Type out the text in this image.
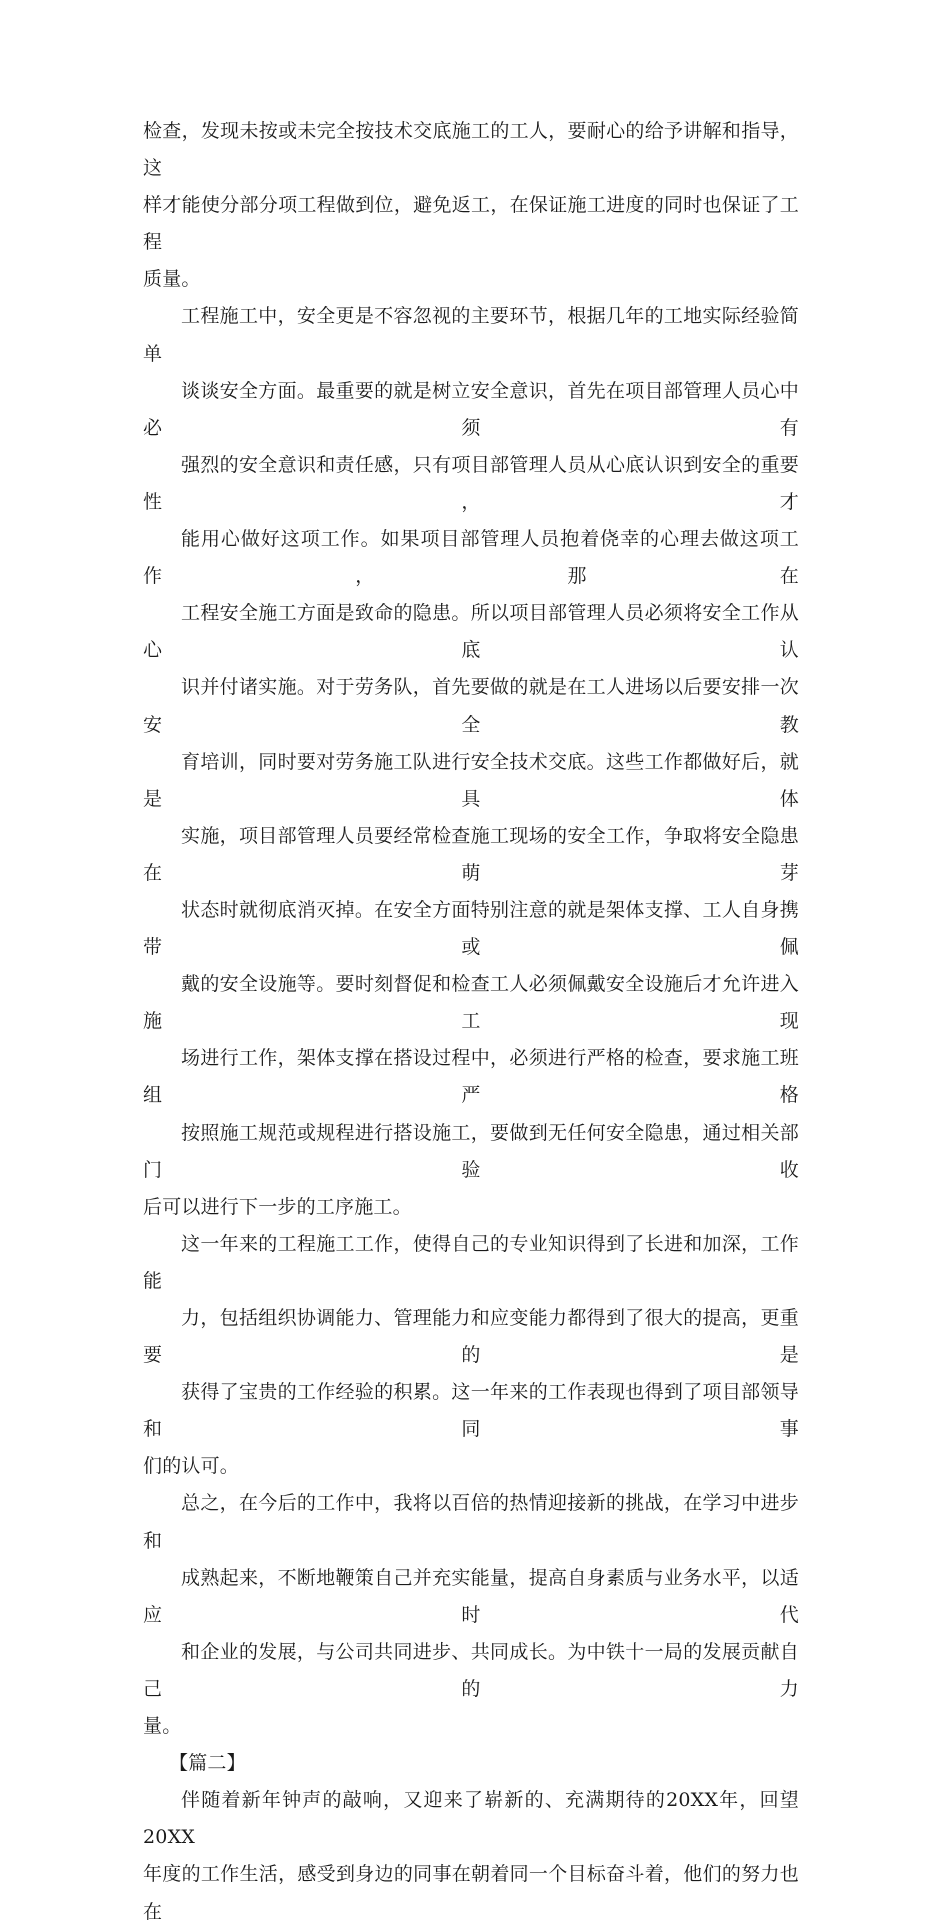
检查，发现未按或未完全按技术交底施工的工人，要耐心的给予讲解和指导，这
样才能使分部分项工程做到位，避免返工，在保证施工进度的同时也保证了工程
质量。

工程施工中，安全更是不容忽视的主要环节，根据几年的工地实际经验简单
谈谈安全方面。最重要的就是树立安全意识，首先在项目部管理人员心中必须有
强烈的安全意识和责任感，只有项目部管理人员从心底认识到安全的重要性，才
能用心做好这项工作。如果项目部管理人员抱着侥幸的心理去做这项工作，那在
工程安全施工方面是致命的隐患。所以项目部管理人员必须将安全工作从心底认
识并付诸实施。对于劳务队，首先要做的就是在工人进场以后要安排一次安全教
育培训，同时要对劳务施工队进行安全技术交底。这些工作都做好后，就是具体
实施，项目部管理人员要经常检查施工现场的安全工作，争取将安全隐患在萌芽
状态时就彻底消灭掉。在安全方面特别注意的就是架体支撑、工人自身携带或佩
戴的安全设施等。要时刻督促和检查工人必须佩戴安全设施后才允许进入施工现
场进行工作，架体支撑在搭设过程中，必须进行严格的检查，要求施工班组严格
按照施工规范或规程进行搭设施工，要做到无任何安全隐患，通过相关部门验收
后可以进行下一步的工序施工。

这一年来的工程施工工作，使得自己的专业知识得到了长进和加深，工作能
力，包括组织协调能力、管理能力和应变能力都得到了很大的提高，更重要的是
获得了宝贵的工作经验的积累。这一年来的工作表现也得到了项目部领导和同事
们的认可。

总之，在今后的工作中，我将以百倍的热情迎接新的挑战，在学习中进步和
成熟起来，不断地鞭策自己并充实能量，提高自身素质与业务水平，以适应时代
和企业的发展，与公司共同进步、共同成长。为中铁十一局的发展贡献自己的力
量。

【篇二】

伴随着新年钟声的敲响，又迎来了崭新的、充满期待的20XX年，回望20XX
年度的工作生活，感受到身边的同事在朝着同一个目标奋斗着，他们的努力也在
